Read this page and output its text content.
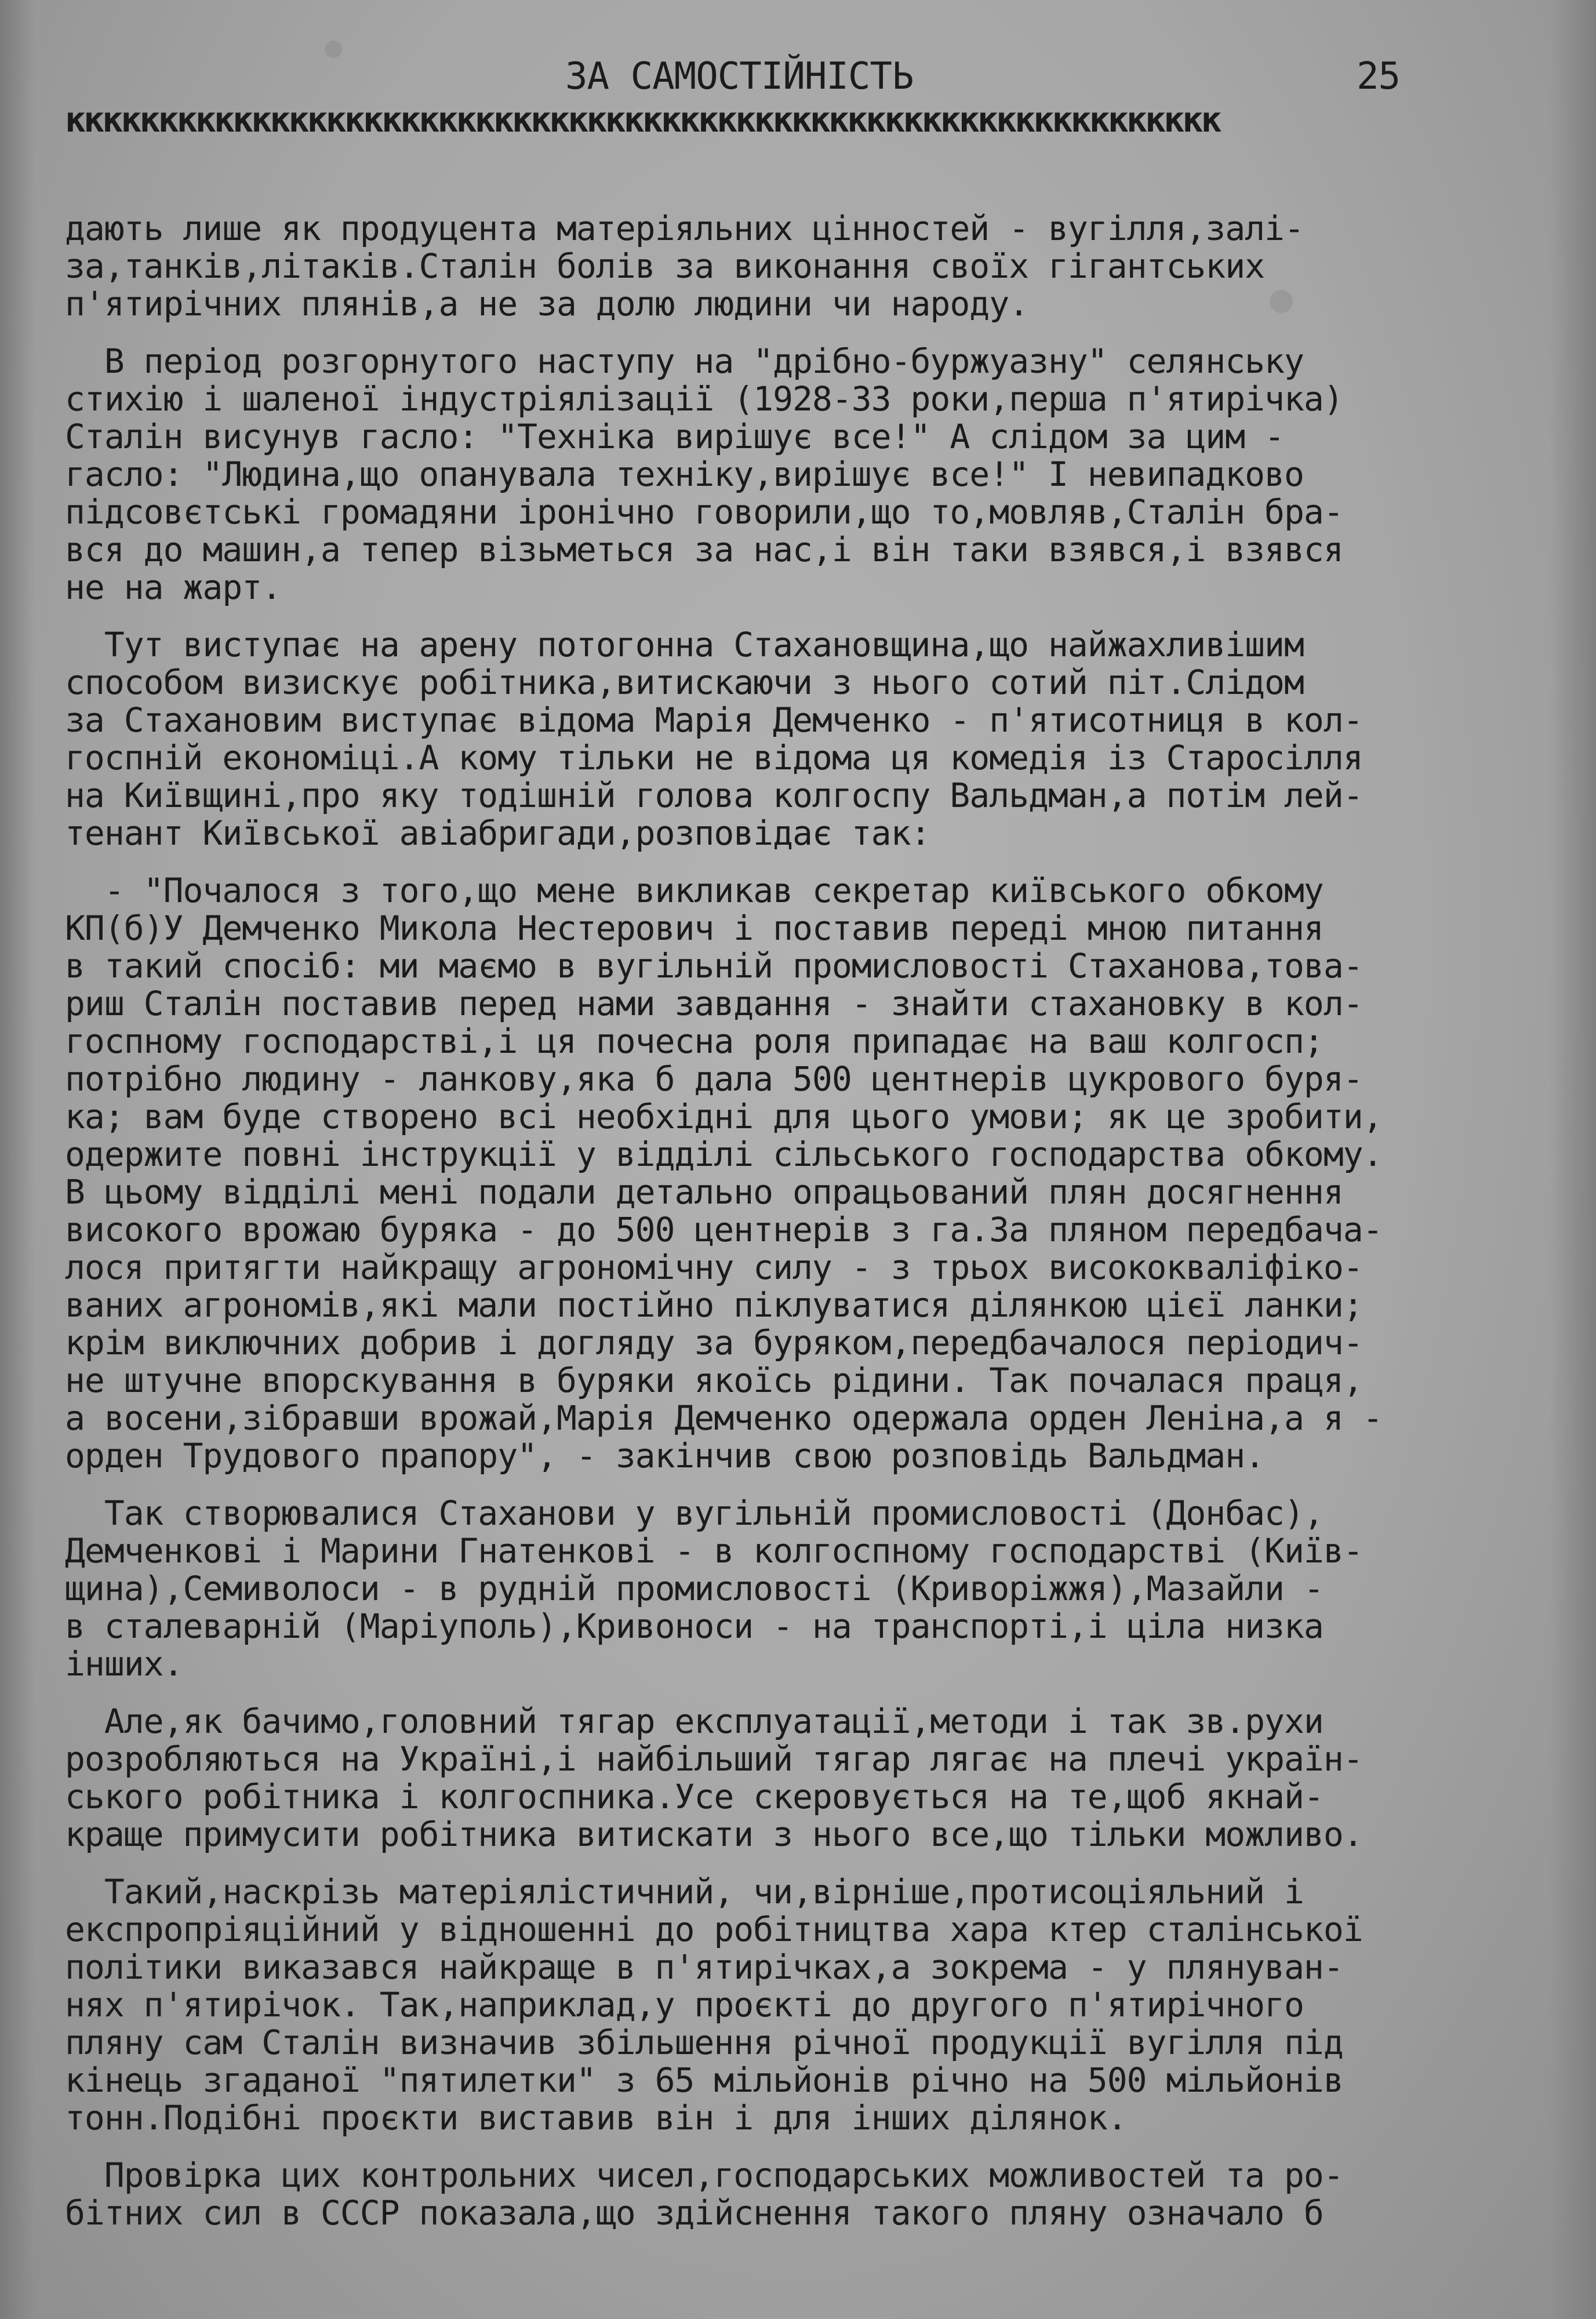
ЗА САМОСТІЙНІСТЬ	25
кккккккккккккккккккккккккккккккккккккккккккккккккккккккккккккк
дають лише як продуцента матеріяльних цінностей - вугілля,залі-
за,танків,літаків.Сталін болів за виконання своїх гігантських
п'ятирічних плянів,а не за долю людини чи народу.
В період розгорнутого наступу на "дрібно-буржуазну" селянську
стихію і шаленої індустріялізації (1928-33 роки,перша п'ятирічка)
Сталін висунув гасло: "Техніка вирішує все!" А слідом за цим -
гасло: "Людина,що опанувала техніку,вирішує все!" І невипадково
підсовєтські громадяни іронічно говорили,що то,мовляв,Сталін бра-
вся до машин,а тепер візьметься за нас,і він таки взявся,і взявся
не на жарт.
Тут виступає на арену потогонна Стахановщина,що найжахливішим
способом визискує робітника,витискаючи з нього сотий піт.Слідом
за Стахановим виступає відома Марія Демченко - п'ятисотниця в кол-
госпній економіці.А кому тільки не відома ця комедія із Старосілля
на Київщині,про яку тодішній голова колгоспу Вальдман,а потім лей-
тенант Київської авіабригади,розповідає так:
- "Почалося з того,що мене викликав секретар київського обкому
КП(б)У Демченко Микола Нестерович і поставив переді мною питання
в такий спосіб: ми маємо в вугільній промисловості Стаханова,това-
риш Сталін поставив перед нами завдання - знайти стахановку в кол-
госпному господарстві,і ця почесна роля припадає на ваш колгосп;
потрібно людину - ланкову,яка б дала 500 центнерів цукрового буря-
ка; вам буде створено всі необхідні для цього умови; як це зробити,
одержите повні інструкції у відділі сільського господарства обкому.
В цьому відділі мені подали детально опрацьований плян досягнення
високого врожаю буряка - до 500 центнерів з га.За пляном передбача-
лося притягти найкращу агрономічну силу - з трьох висококваліфіко-
ваних агрономів,які мали постійно піклуватися ділянкою цієї ланки;
крім виключних добрив і догляду за буряком,передбачалося періодич-
не штучне впорскування в буряки якоїсь рідини. Так почалася праця,
а восени,зібравши врожай,Марія Демченко одержала орден Леніна,а я -
орден Трудового прапору", - закінчив свою розповідь Вальдман.
Так створювалися Стаханови у вугільній промисловості (Донбас),
Демченкові і Марини Гнатенкові - в колгоспному господарстві (Київ-
щина),Семиволоси - в рудній промисловості (Криворіжжя),Мазайли -
в сталеварній (Маріуполь),Кривоноси - на транспорті,і ціла низка
інших.
Але,як бачимо,головний тягар експлуатації,методи і так зв.рухи
розробляються на Україні,і найбільший тягар лягає на плечі україн-
ського робітника і колгоспника.Усе скеровується на те,щоб якнай-
краще примусити робітника витискати з нього все,що тільки можливо.
Такий,наскрізь матеріялістичний, чи,вірніше,протисоціяльний і
експропріяційний у відношенні до робітництва хара ктер сталінської
політики виказався найкраще в п'ятирічках,а зокрема - у плянуван-
нях п'ятирічок. Так,наприклад,у проєкті до другого п'ятирічного
пляну сам Сталін визначив збільшення річної продукції вугілля під
кінець згаданої "пятилетки" з 65 мільйонів річно на 500 мільйонів
тонн.Подібні проєкти виставив він і для інших ділянок.
Провірка цих контрольних чисел,господарських можливостей та ро-
бітних сил в СССР показала,що здійснення такого пляну означало б
